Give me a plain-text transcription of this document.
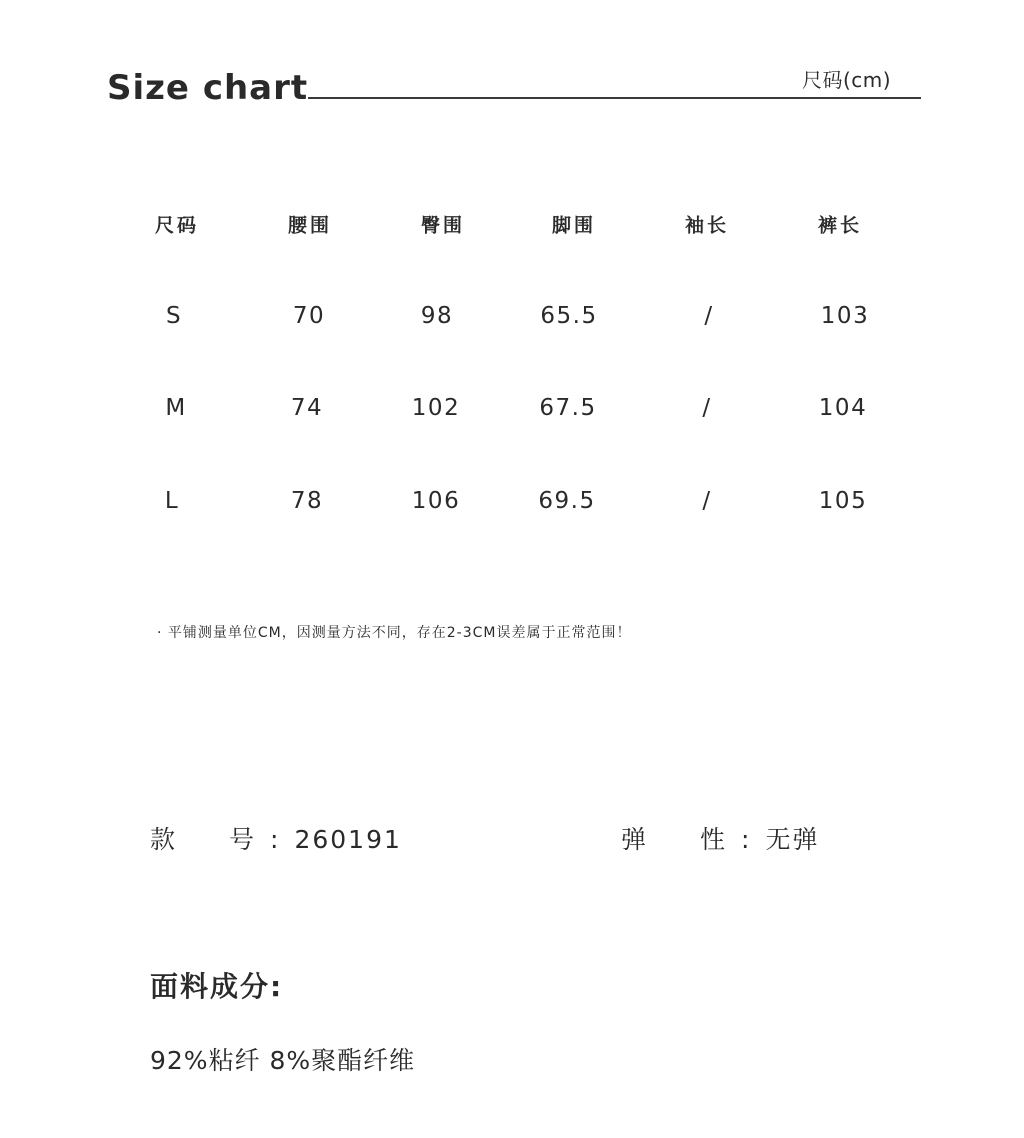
Size chart	尺码(cm)
尺码	腰围	臀围	脚围	袖长	裤长
S	70	98	65.5	/	103
M	74	102	67.5	/	104
L	78	106	69.5	/	105
· 平铺测量单位CM，因测量方法不同，存在2-3CM误差属于正常范围！
款 号 : 260191	弹 性 : 无弹
面料成分:
92%粘纤 8%聚酯纤维
